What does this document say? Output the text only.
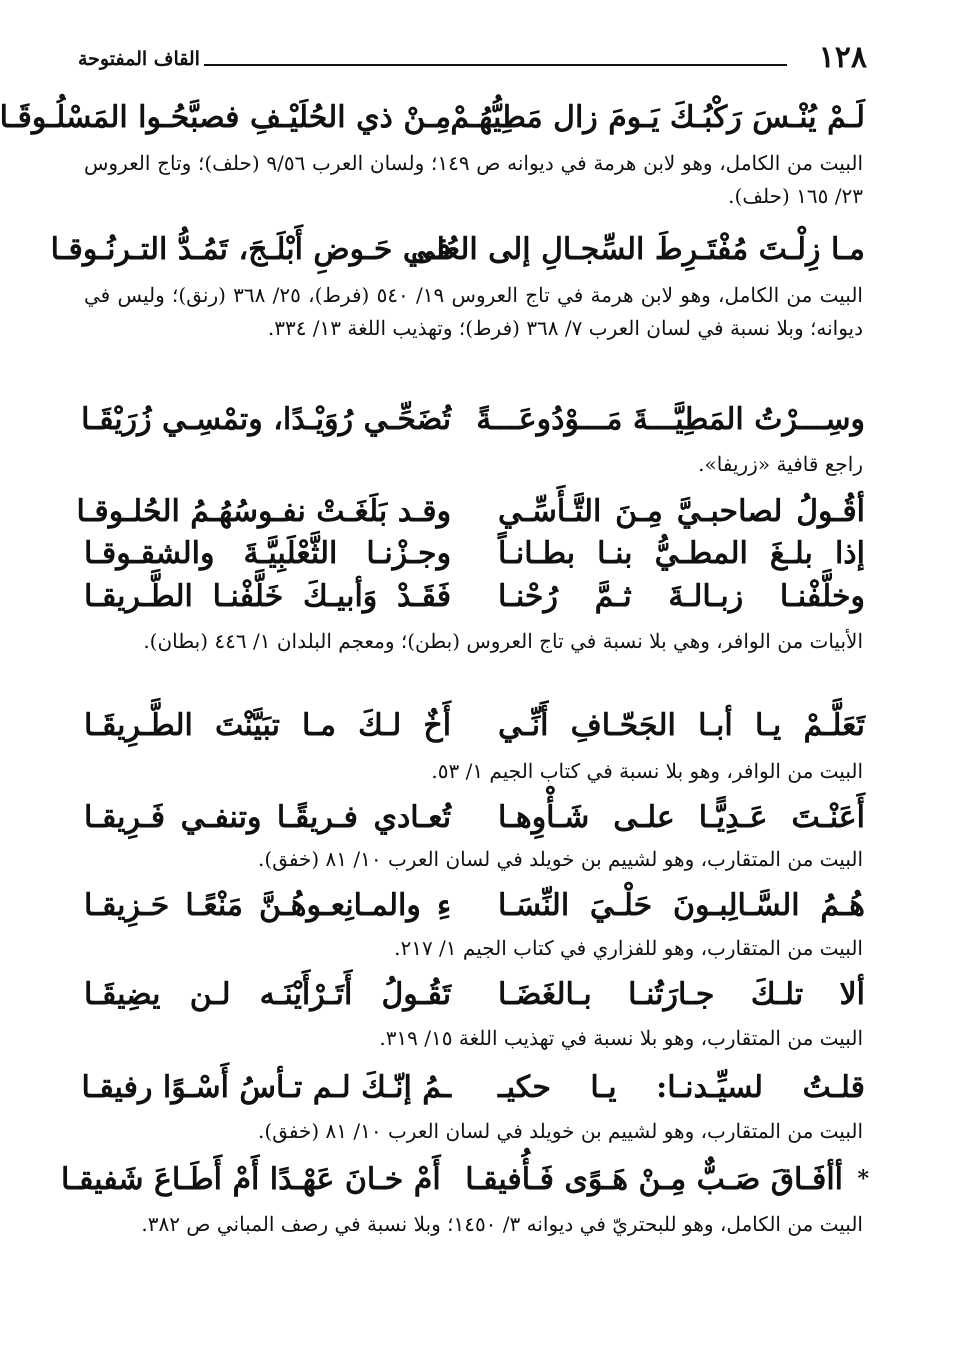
١٢٨
القاف المفتوحة
لَـمْ يُنْـسَ رَكْبُـكَ يَـومَ زال مَطِيُّهُـمْ
مِـنْ ذي الحُلَيْـفِ فصبَّحُـوا المَسْلُـوقَـا

البيت من الكامل، وهو لابن هرمة في ديوانه ص ١٤٩؛ ولسان العرب ٩/٥٦ (حلف)؛ وتاج العروس ٢٣/ ١٦٥ (حلف).

مـا زِلْـتَ مُفْتَـرِطَ السِّجـالِ إلى العُلى
فـي حَـوضِ أَبْلَـجَ، تَمُـدُّ التـرنُـوقـا

البيت من الكامل، وهو لابن هرمة في تاج العروس ١٩/ ٥٤٠ (فرط)، ٢٥/ ٣٦٨ (رنق)؛ وليس في ديوانه؛ وبلا نسبة في لسان العرب ٧/ ٣٦٨ (فرط)؛ وتهذيب اللغة ١٣/ ٣٣٤.

وسِـــرْتُ المَطِيَّـــةَ مَـــوْدُوعَـــةً
تُضَحِّـي رُوَيْـدًا، وتمْسِـي زُرَيْقَـا

راجع قافية «زريفا».

أقُـولُ لصاحبـيَّ مِـنَ التَّـأَسِّـي
وقـد بَلَغَـتْ نفـوسُهُـمُ الحُلـوقـا
إذا بلـغَ المطـيُّ بنـا بطـانـاً
وجـزْنـا الثَّعْلَبِيَّـةَ والشقـوقـا
وخلَّفْنـا زبـالـةَ ثـمَّ رُحْنـا
فَقَـدْ وَأبيـكَ خَلَّفْنـا الطَّـريقـا

الأبيات من الوافر، وهي بلا نسبة في تاج العروس (بطن)؛ ومعجم البلدان ١/ ٤٤٦ (بطان).

تَعَلَّـمْ يـا أبـا الجَحّـافِ أَنِّـي
أَخٌ لـكَ مـا تبَيَّنْتَ الطَّـرِيقَـا

البيت من الوافر، وهو بلا نسبة في كتاب الجيم ١/ ٥٣.

أَعَنْـتَ عَـدِيًّـا علـى شَـأْوِهـا
تُعـادي فـريقًـا وتنفـي فَـرِيقـا

البيت من المتقارب، وهو لشييم بن خويلد في لسان العرب ١٠/ ٨١ (خفق).

هُـمُ السَّـالِبـونَ حَلْـيَ النِّسَـا
ءِ والمـانِعـوهُـنَّ مَنْعًـا حَـزِيقـا

البيت من المتقارب، وهو للفزاري في كتاب الجيم ١/ ٢١٧.

ألا تلـكَ جـارَتُنـا بـالغَضَـا
تَقُـولُ أَتَـرْأَيْنَـه لـن يضِيقَـا

البيت من المتقارب، وهو بلا نسبة في تهذيب اللغة ١٥/ ٣١٩.

قلـتُ لسيِّـدنـا: يـا حكيـ
ـمُ إنّـكَ لـم تـأسُ أَسْـوًا رفيقـا

البيت من المتقارب، وهو لشييم بن خويلد في لسان العرب ١٠/ ٨١ (خفق).

*
أأفَـاقَ صَـبٌّ مِـنْ هَـوًى فَـأُفيقـا
أَمْ خـانَ عَهْـدًا أَمْ أَطَـاعَ شَفيقـا

البيت من الكامل، وهو للبحتريّ في ديوانه ٣/ ١٤٥٠؛ وبلا نسبة في رصف المباني ص ٣٨٢.
